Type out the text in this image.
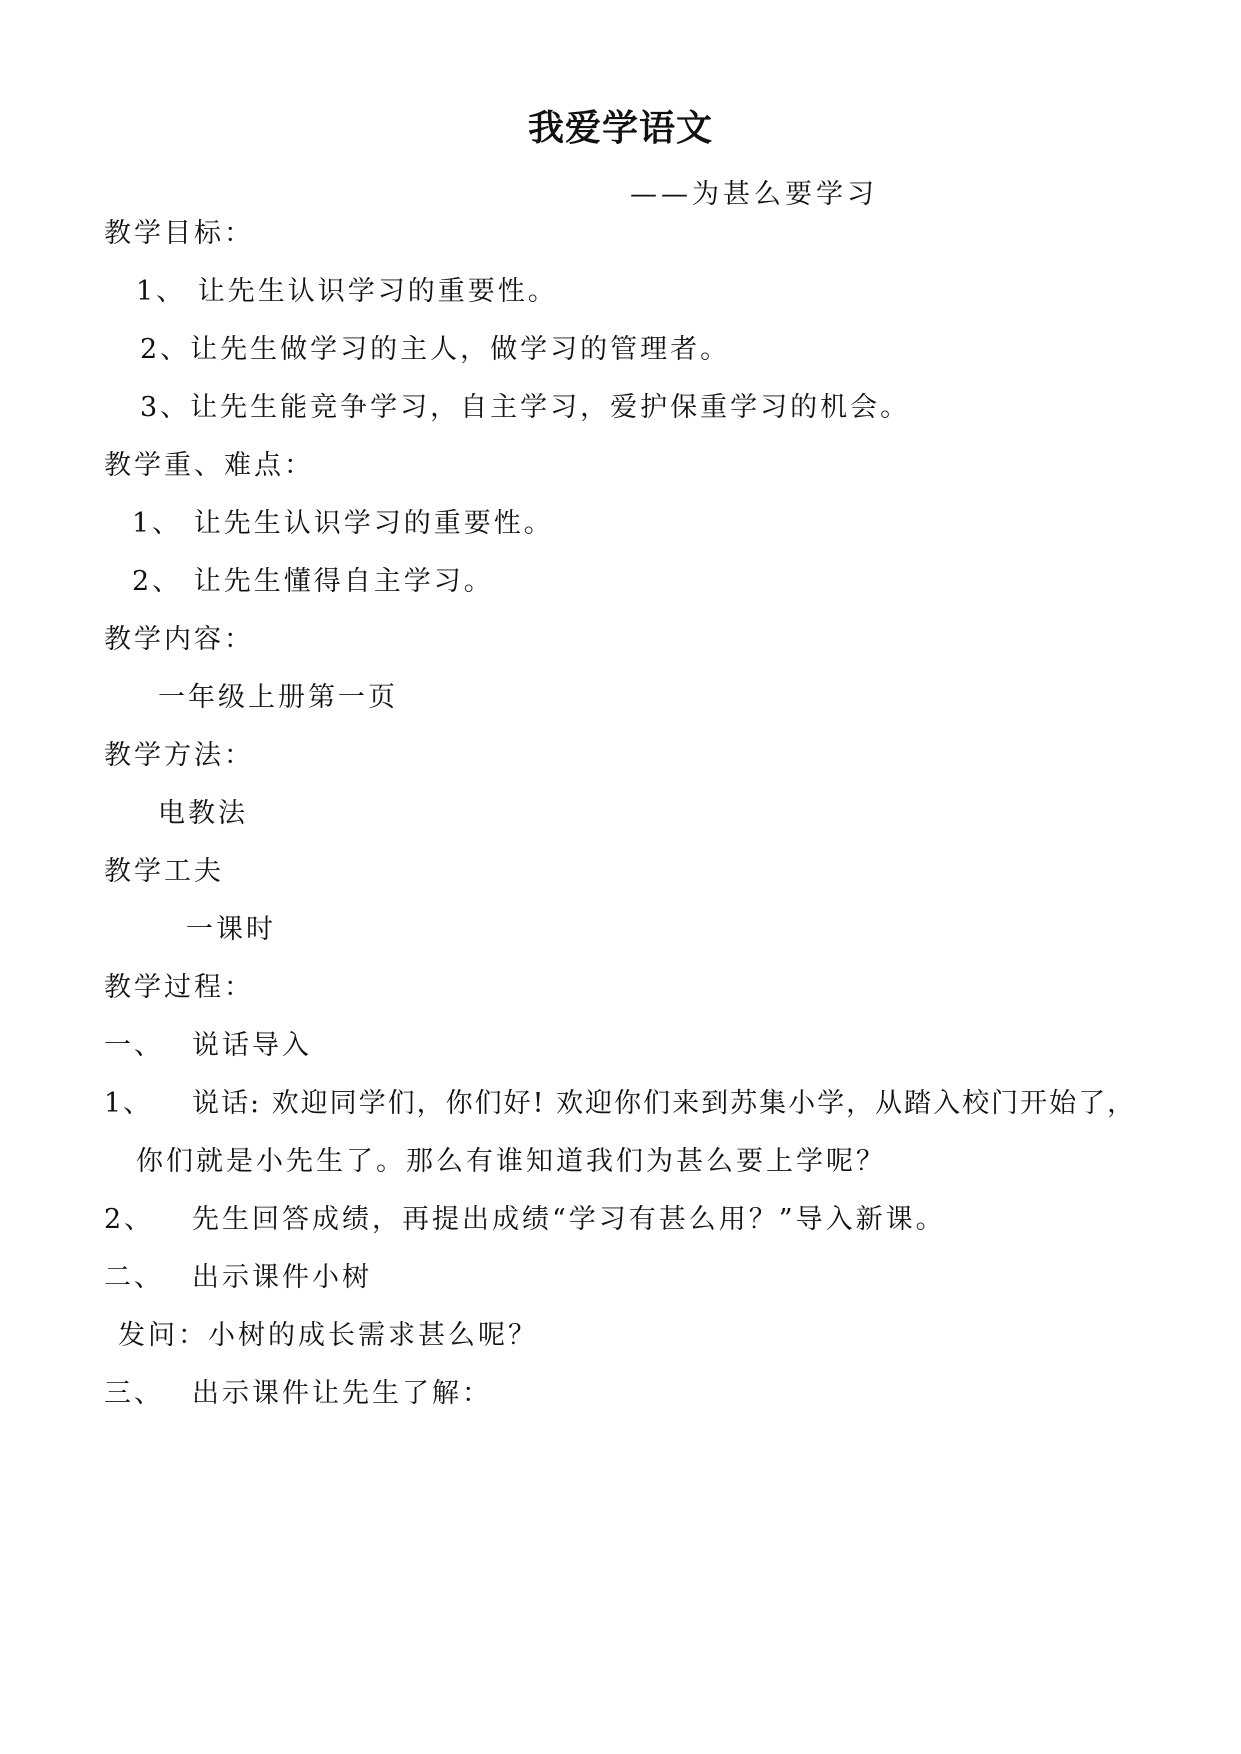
我爱学语文
——为甚么要学习
教学目标：
1、 让先生认识学习的重要性。
2、让先生做学习的主人，做学习的管理者。
3、让先生能竞争学习，自主学习，爱护保重学习的机会。
教学重、难点：
1、 让先生认识学习的重要性。
2、 让先生懂得自主学习。
教学内容：
一年级上册第一页
教学方法：
电教法
教学工夫
一课时
教学过程：
一、 说话导入
1、 说话: 欢迎同学们，你们好! 欢迎你们来到苏集小学，从踏入校门开始了，
你们就是小先生了。那么有谁知道我们为甚么要上学呢？
2、 先生回答成绩，再提出成绩“学习有甚么用？”导入新课。
二、 出示课件小树
发问：小树的成长需求甚么呢？
三、 出示课件让先生了解：
